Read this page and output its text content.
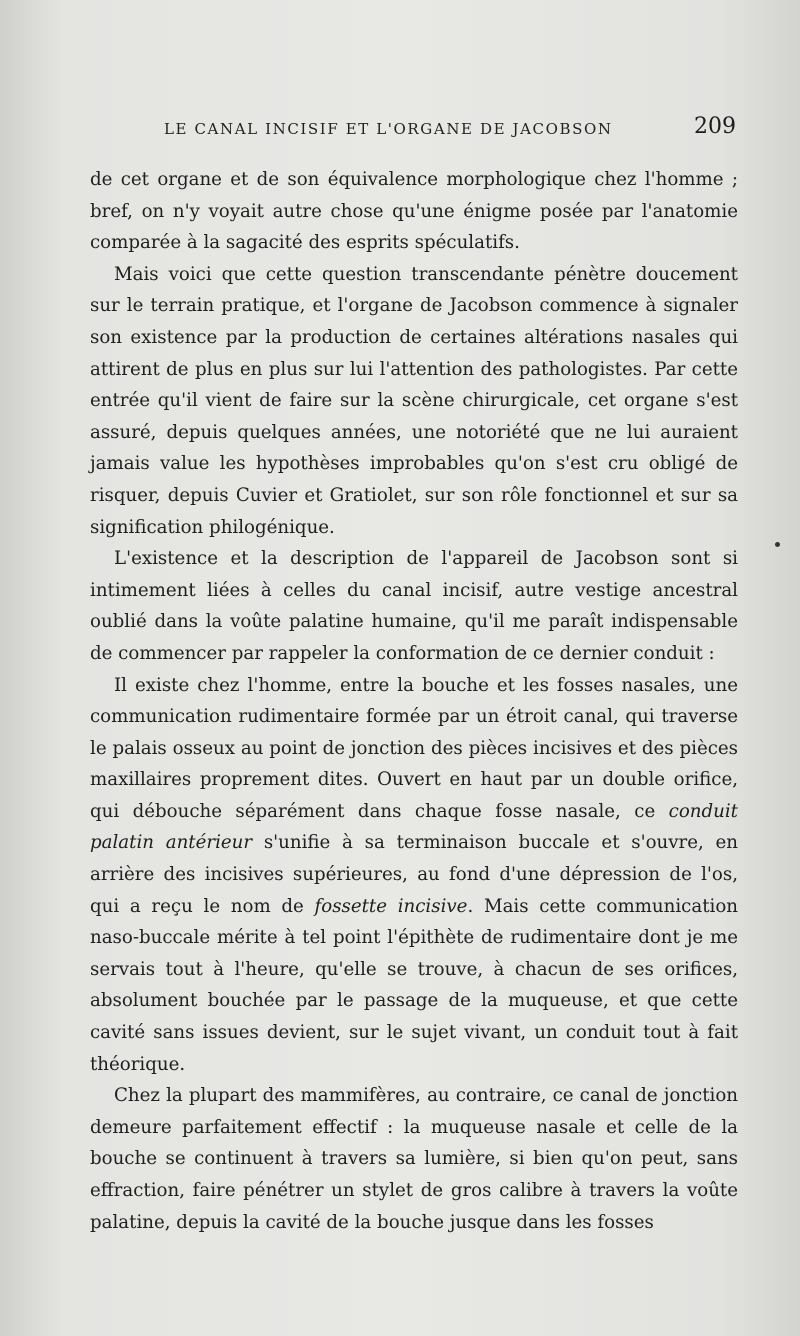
LE CANAL INCISIF ET L'ORGANE DE JACOBSON	209

de cet organe et de son équivalence morphologique chez l'homme ; bref, on n'y voyait autre chose qu'une énigme posée par l'anatomie comparée à la sagacité des esprits spéculatifs.

Mais voici que cette question transcendante pénètre doucement sur le terrain pratique, et l'organe de Jacobson commence à signaler son existence par la production de certaines altérations nasales qui attirent de plus en plus sur lui l'attention des pathologistes. Par cette entrée qu'il vient de faire sur la scène chirurgicale, cet organe s'est assuré, depuis quelques années, une notoriété que ne lui auraient jamais value les hypothèses improbables qu'on s'est cru obligé de risquer, depuis Cuvier et Gratiolet, sur son rôle fonctionnel et sur sa signification philogénique.

L'existence et la description de l'appareil de Jacobson sont si intimement liées à celles du canal incisif, autre vestige ancestral oublié dans la voûte palatine humaine, qu'il me paraît indispensable de commencer par rappeler la conformation de ce dernier conduit :

Il existe chez l'homme, entre la bouche et les fosses nasales, une communication rudimentaire formée par un étroit canal, qui traverse le palais osseux au point de jonction des pièces incisives et des pièces maxillaires proprement dites. Ouvert en haut par un double orifice, qui débouche séparément dans chaque fosse nasale, ce conduit palatin antérieur s'unifie à sa terminaison buccale et s'ouvre, en arrière des incisives supérieures, au fond d'une dépression de l'os, qui a reçu le nom de fossette incisive. Mais cette communication naso-buccale mérite à tel point l'épithète de rudimentaire dont je me servais tout à l'heure, qu'elle se trouve, à chacun de ses orifices, absolument bouchée par le passage de la muqueuse, et que cette cavité sans issues devient, sur le sujet vivant, un conduit tout à fait théorique.

Chez la plupart des mammifères, au contraire, ce canal de jonction demeure parfaitement effectif : la muqueuse nasale et celle de la bouche se continuent à travers sa lumière, si bien qu'on peut, sans effraction, faire pénétrer un stylet de gros calibre à travers la voûte palatine, depuis la cavité de la bouche jusque dans les fosses
